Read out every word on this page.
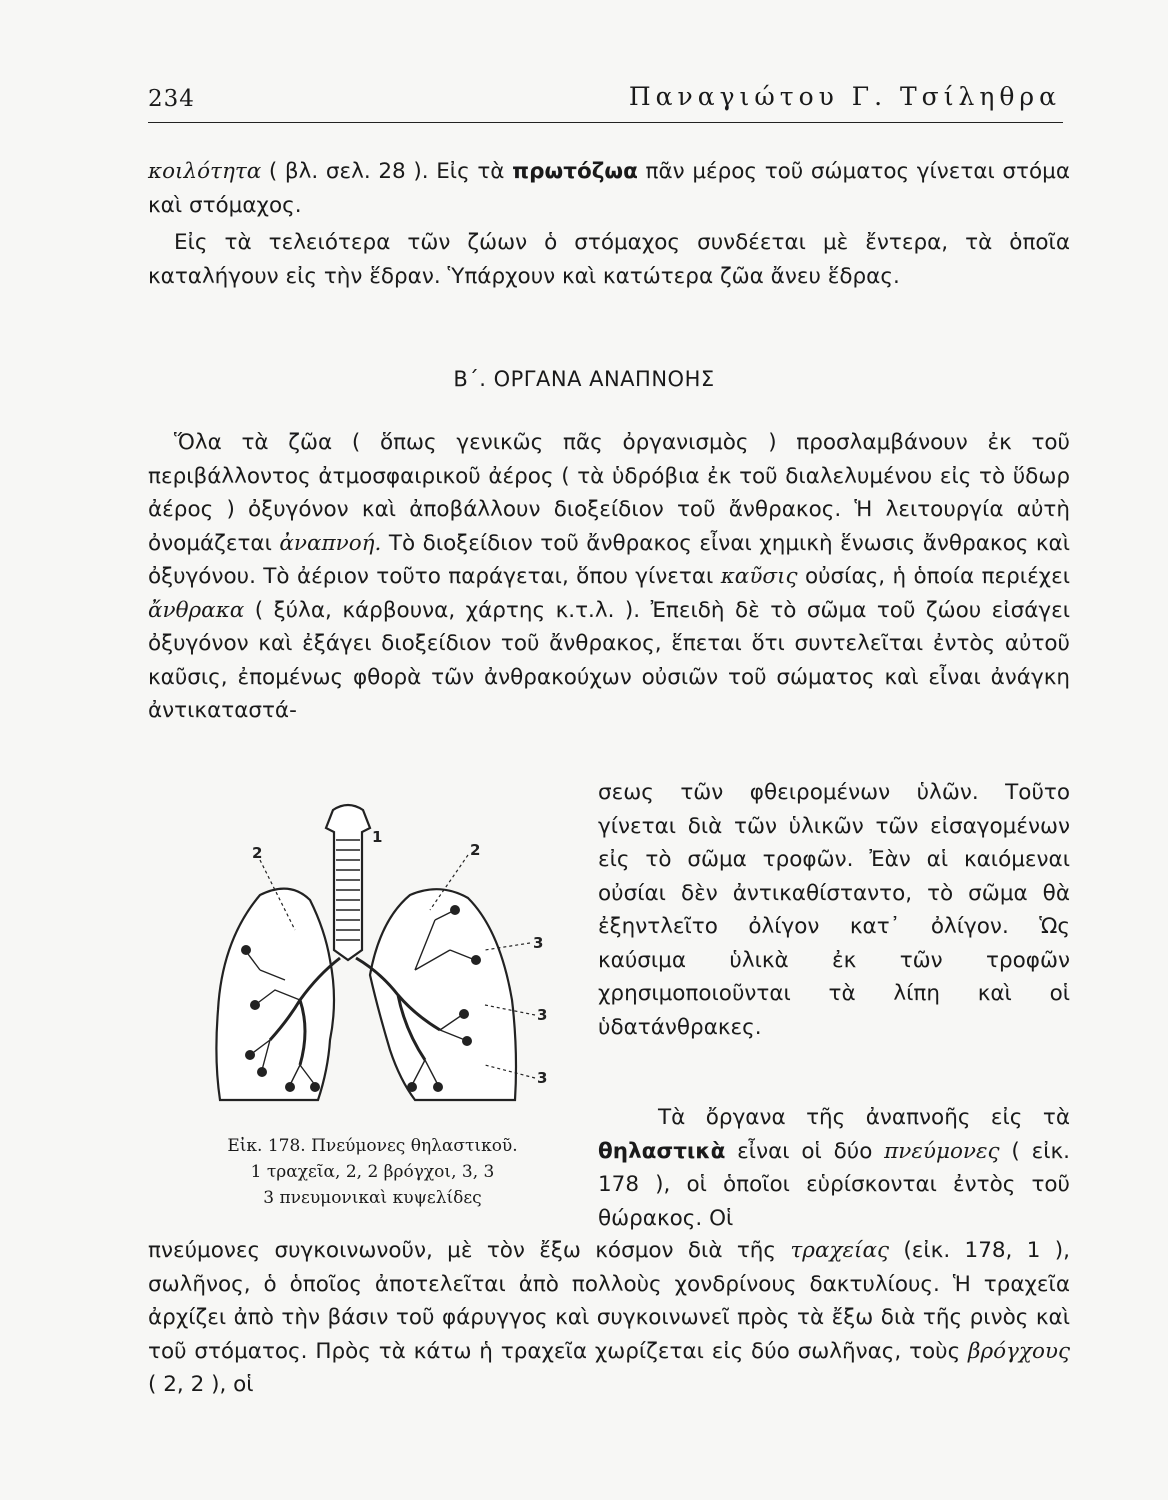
234	Παναγιώτου Γ. Τσίληθρα

κοιλότητα ( βλ. σελ. 28 ). Εἰς τὰ πρωτόζωα πᾶν μέρος τοῦ σώματος γίνεται στόμα καὶ στόμαχος.

Εἰς τὰ τελειότερα τῶν ζώων ὁ στόμαχος συνδέεται μὲ ἔντερα, τὰ ὁποῖα καταλήγουν εἰς τὴν ἕδραν. Ὑπάρχουν καὶ κατώτερα ζῶα ἄνευ ἕδρας.

Β΄. ΟΡΓΑΝΑ ΑΝΑΠΝΟΗΣ

Ὅλα τὰ ζῶα ( ὅπως γενικῶς πᾶς ὀργανισμὸς ) προσλαμβάνουν ἐκ τοῦ περιβάλλοντος ἀτμοσφαιρικοῦ ἀέρος ( τὰ ὑδρόβια ἐκ τοῦ διαλελυμένου εἰς τὸ ὕδωρ ἀέρος ) ὀξυγόνον καὶ ἀποβάλλουν διοξείδιον τοῦ ἄνθρακος. Ἡ λειτουργία αὐτὴ ὀνομάζεται ἀναπνοή. Τὸ διοξείδιον τοῦ ἄνθρακος εἶναι χημικὴ ἕνωσις ἄνθρακος καὶ ὀξυγόνου. Τὸ ἀέριον τοῦτο παράγεται, ὅπου γίνεται καῦσις οὐσίας, ἡ ὁποία περιέχει ἄνθρακα ( ξύλα, κάρβουνα, χάρτης κ.τ.λ. ). Ἐπειδὴ δὲ τὸ σῶμα τοῦ ζώου εἰσάγει ὀξυγόνον καὶ ἐξάγει διοξείδιον τοῦ ἄνθρακος, ἕπεται ὅτι συντελεῖται ἐντὸς αὐτοῦ καῦσις, ἐπομένως φθορὰ τῶν ἀνθρακούχων οὐσιῶν τοῦ σώματος καὶ εἶναι ἀνάγκη ἀντικαταστά-

σεως τῶν φθειρομένων ὑλῶν. Τοῦτο γίνεται διὰ τῶν ὑλικῶν τῶν εἰσαγομένων εἰς τὸ σῶμα τροφῶν. Ἐὰν αἱ καιόμεναι οὐσίαι δὲν ἀντικαθίσταντο, τὸ σῶμα θὰ ἐξηντλεῖτο ὀλίγον κατ᾽ ὀλίγον. Ὡς καύσιμα ὑλικὰ ἐκ τῶν τροφῶν χρησιμοποιοῦνται τὰ λίπη καὶ οἱ ὑδατάνθρακες.

Τὰ ὄργανα τῆς ἀναπνοῆς εἰς τὰ θηλαστικὰ εἶναι οἱ δύο πνεύμονες ( εἰκ. 178 ), οἱ ὁποῖοι εὑρίσκονται ἐντὸς τοῦ θώρακος. Οἱ

1
2	2
3
3
3
Εἰκ. 178. Πνεύμονες θηλαστικοῦ.
1 τραχεῖα, 2, 2 βρόγχοι, 3, 3
3 πνευμονικαὶ κυψελίδες

πνεύμονες συγκοινωνοῦν, μὲ τὸν ἔξω κόσμον διὰ τῆς τραχείας (εἰκ. 178, 1 ), σωλῆνος, ὁ ὁποῖος ἀποτελεῖται ἀπὸ πολλοὺς χονδρίνους δακτυλίους. Ἡ τραχεῖα ἀρχίζει ἀπὸ τὴν βάσιν τοῦ φάρυγγος καὶ συγκοινωνεῖ πρὸς τὰ ἔξω διὰ τῆς ρινὸς καὶ τοῦ στόματος. Πρὸς τὰ κάτω ἡ τραχεῖα χωρίζεται εἰς δύο σωλῆνας, τοὺς βρόγχους ( 2, 2 ), οἱ
